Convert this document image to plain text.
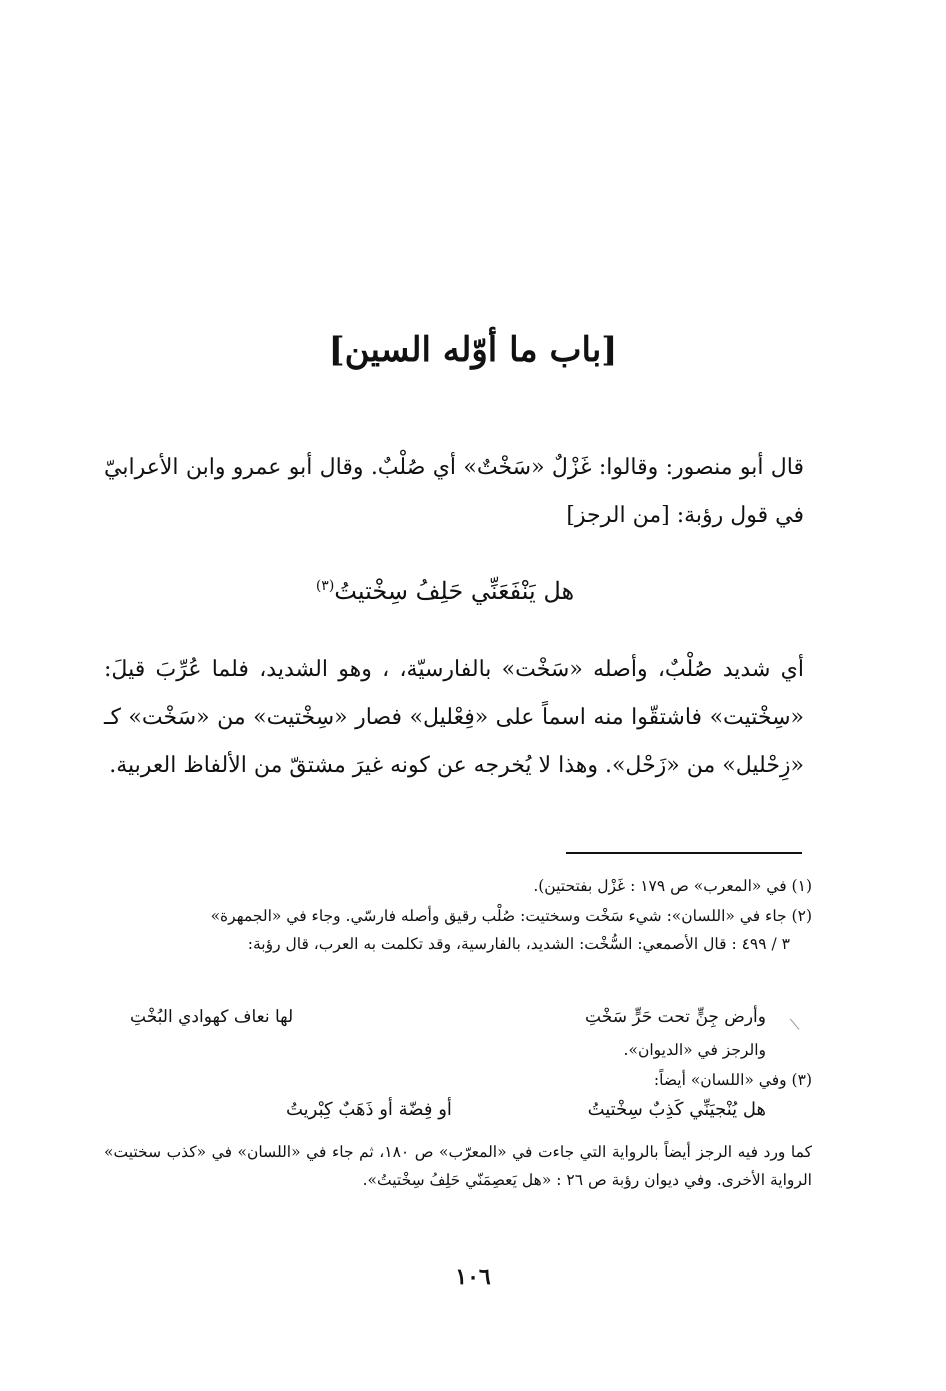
[باب ما أوّله السين]
قال أبو منصور: وقالوا: غَزْلٌ «سَخْتٌ» أي صُلْبٌ. وقال أبو عمرو وابن الأعرابيّ في قول رؤبة: [من الرجز]
هل يَنْفَعَنِّي حَلِفُ سِخْتيتُ$^{(٣)}$
أي شديد صُلْبٌ، وأصله «سَخْت» بالفارسيّة، ، وهو الشديد، فلما عُرِّبَ قيلَ: «سِخْتيت» فاشتقّوا منه اسماً على «فِعْليل» فصار «سِخْتيت» من «سَخْت» كـ «زِحْليل» من «زَحْل». وهذا لا يُخرجه عن كونه غيرَ مشتقّ من الألفاظ العربية.
(١) في «المعرب» ص ١٧٩ : غَزْل بفتحتين).
(٢) جاء في «اللسان»: شيء سَخْت وسختيت: صُلْب رقيق وأصله فارسّي. وجاء في «الجمهرة»
٣ / ٤٩٩ : قال الأصمعي: السُّخْت: الشديد، بالفارسية، وقد تكلمت به العرب، قال رؤبة:
وأرض جِنٍّ تحت حَرٍّ سَخْتِ
لها نعاف كهوادي البُخْتِ
والرجز في «الديوان».
(٣) وفي «اللسان» أيضاً:
هل يُنْجيَنِّي كَذِبٌ سِخْتيتُ
أو فِضّة أو ذَهَبٌ كِبْريتُ
كما ورد فيه الرجز أيضاً بالرواية التي جاءت في «المعرّب» ص ١٨٠، ثم جاء في «اللسان» في «كذب سختيت» الرواية الأخرى. وفي ديوان رؤبة ص ٢٦ : «هل يَعصِمَنّي حَلِفُ سِخْتيتُ».
١٠٦
